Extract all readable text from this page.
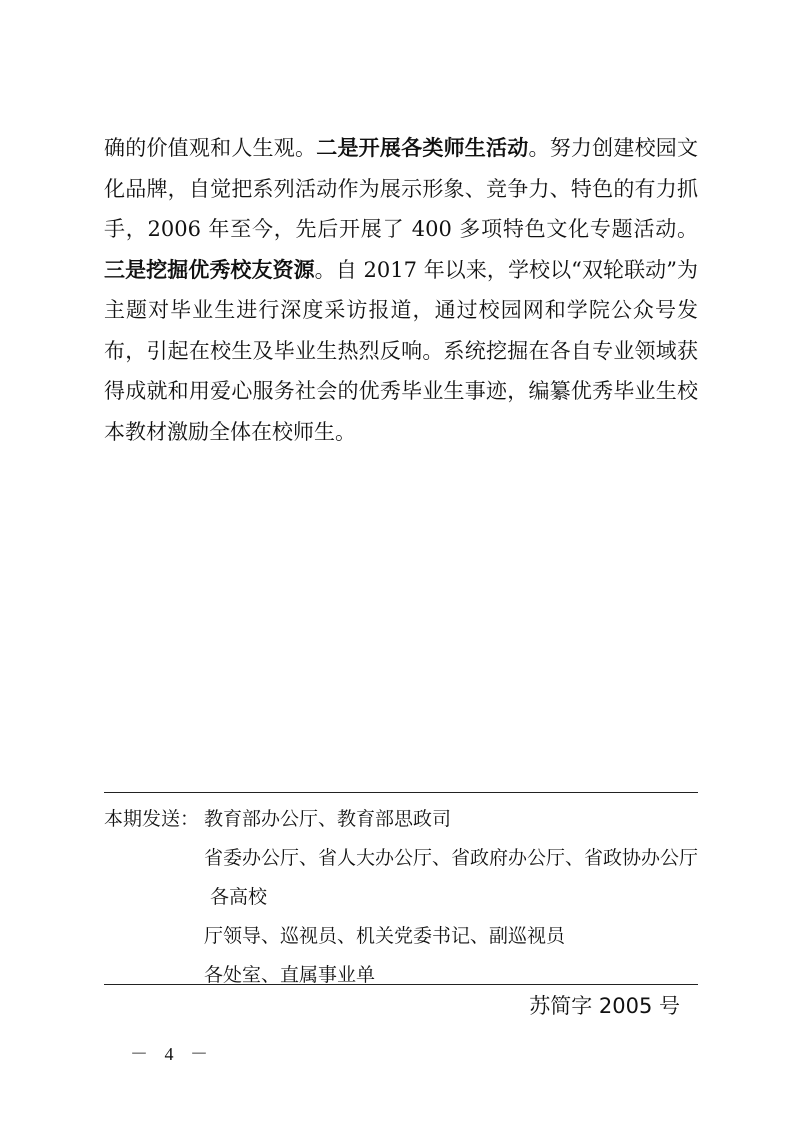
确的价值观和人生观。二是开展各类师生活动。努力创建校园文化品牌，自觉把系列活动作为展示形象、竞争力、特色的有力抓手，2006 年至今，先后开展了 400 多项特色文化专题活动。三是挖掘优秀校友资源。自 2017 年以来，学校以“双轮联动”为主题对毕业生进行深度采访报道，通过校园网和学院公众号发布，引起在校生及毕业生热烈反响。系统挖掘在各自专业领域获得成就和用爱心服务社会的优秀毕业生事迹，编纂优秀毕业生校本教材激励全体在校师生。

本期发送： 教育部办公厅、教育部思政司
省委办公厅、省人大办公厅、省政府办公厅、省政协办公厅
各高校
厅领导、巡视员、机关党委书记、副巡视员
各处室、直属事业单
苏简字 2005 号
－ 4 －
